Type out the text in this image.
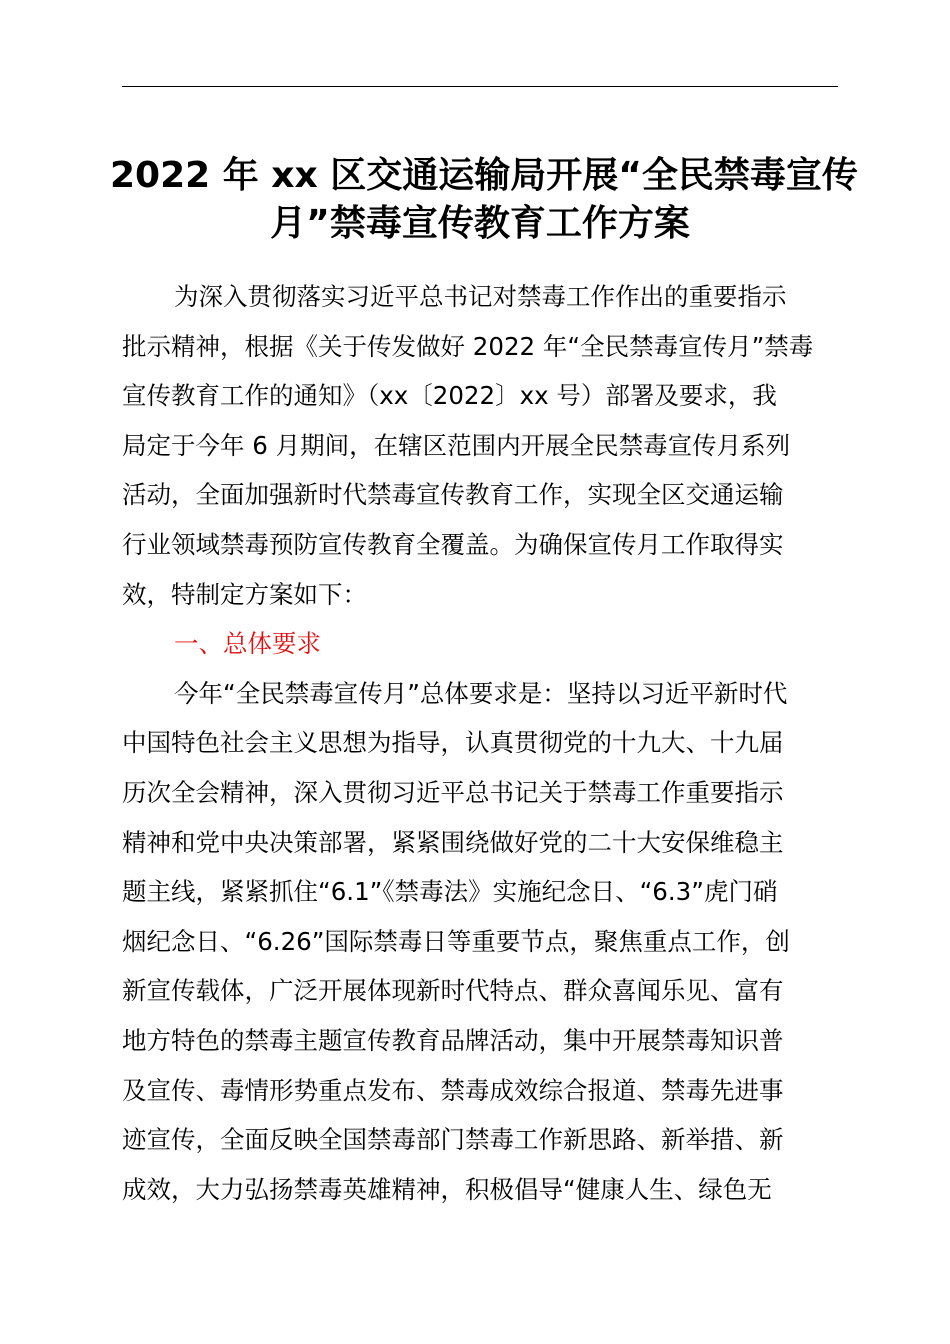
2022 年 xx 区交通运输局开展“全民禁毒宣传
月”禁毒宣传教育工作方案

为深入贯彻落实习近平总书记对禁毒工作作出的重要指示
批示精神，根据《关于传发做好 2022 年“全民禁毒宣传月”禁毒
宣传教育工作的通知》（xx〔2022〕xx 号）部署及要求，我
局定于今年 6 月期间，在辖区范围内开展全民禁毒宣传月系列
活动，全面加强新时代禁毒宣传教育工作，实现全区交通运输
行业领域禁毒预防宣传教育全覆盖。为确保宣传月工作取得实
效，特制定方案如下：

一、总体要求

今年“全民禁毒宣传月”总体要求是：坚持以习近平新时代
中国特色社会主义思想为指导，认真贯彻党的十九大、十九届
历次全会精神，深入贯彻习近平总书记关于禁毒工作重要指示
精神和党中央决策部署，紧紧围绕做好党的二十大安保维稳主
题主线，紧紧抓住“6.1”《禁毒法》实施纪念日、“6.3”虎门硝
烟纪念日、“6.26”国际禁毒日等重要节点，聚焦重点工作，创
新宣传载体，广泛开展体现新时代特点、群众喜闻乐见、富有
地方特色的禁毒主题宣传教育品牌活动，集中开展禁毒知识普
及宣传、毒情形势重点发布、禁毒成效综合报道、禁毒先进事
迹宣传，全面反映全国禁毒部门禁毒工作新思路、新举措、新
成效，大力弘扬禁毒英雄精神，积极倡导“健康人生、绿色无
